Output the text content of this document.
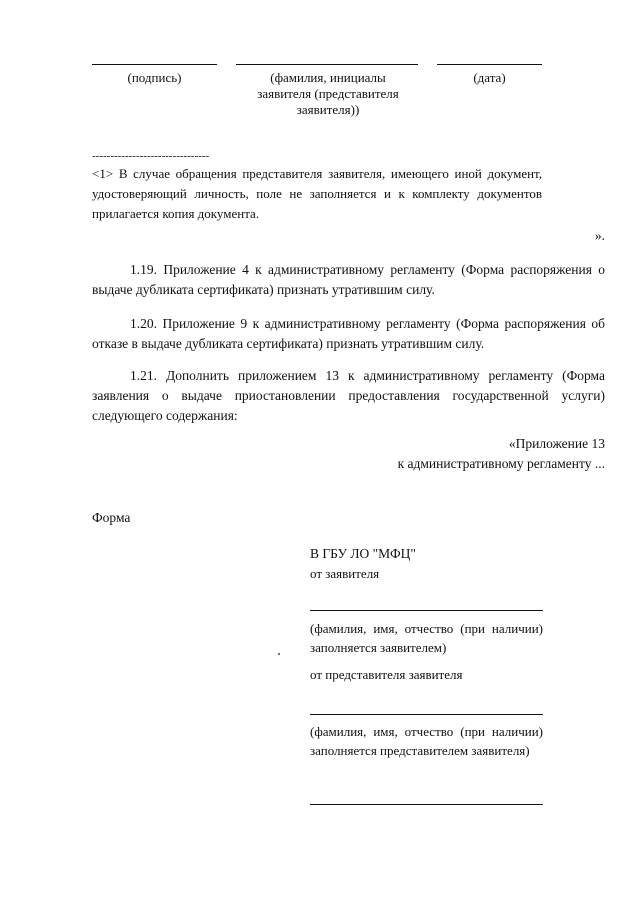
(подпись)	(фамилия, инициалы заявителя (представителя заявителя))
(дата)
--------------------------------
<1> В случае обращения представителя заявителя, имеющего иной документ, удостоверяющий личность, поле не заполняется и к комплекту документов прилагается копия документа.
».
1.19. Приложение 4 к административному регламенту (Форма распоряжения о выдаче дубликата сертификата) признать утратившим силу.
1.20. Приложение 9 к административному регламенту (Форма распоряжения об отказе в выдаче дубликата сертификата) признать утратившим силу.
1.21. Дополнить приложением 13 к административному регламенту (Форма заявления о выдаче приостановлении предоставления государственной услуги) следующего содержания:
«Приложение 13
к административному регламенту ...
Форма
В ГБУ ЛО "МФЦ"
от заявителя
(фамилия, имя, отчество (при наличии) заполняется заявителем)
от представителя заявителя
(фамилия, имя, отчество (при наличии) заполняется представителем заявителя)
